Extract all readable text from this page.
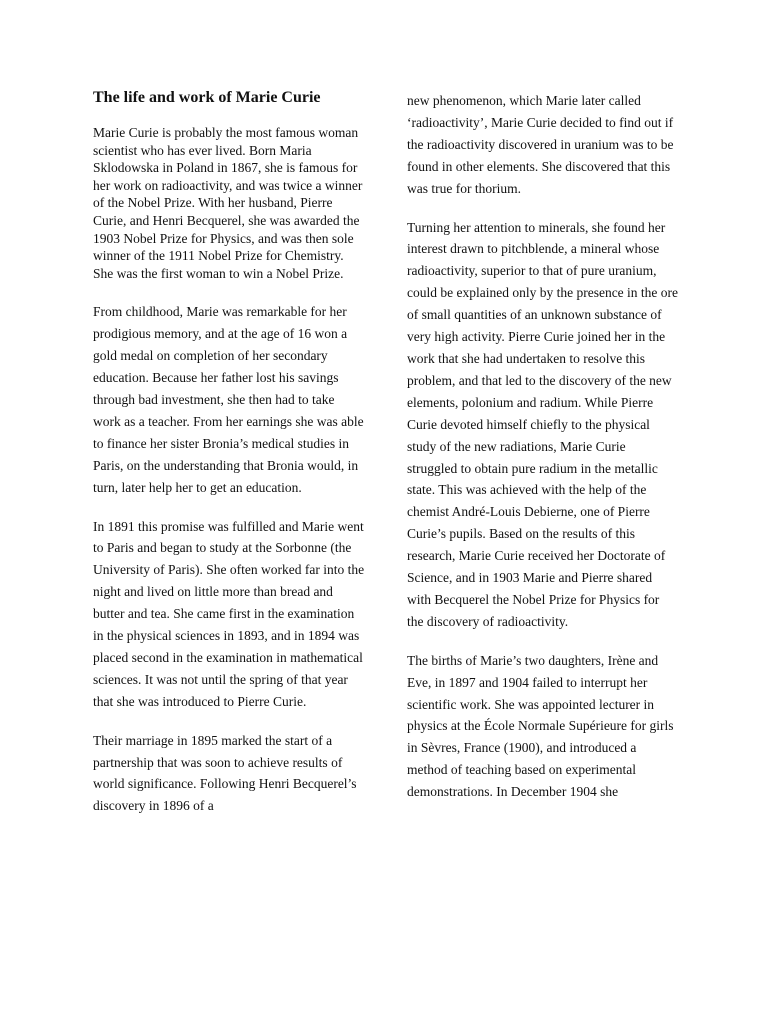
The life and work of Marie Curie

Marie Curie is probably the most famous woman scientist who has ever lived. Born Maria Sklodowska in Poland in 1867, she is famous for her work on radioactivity, and was twice a winner of the Nobel Prize. With her husband, Pierre Curie, and Henri Becquerel, she was awarded the 1903 Nobel Prize for Physics, and was then sole winner of the 1911 Nobel Prize for Chemistry. She was the first woman to win a Nobel Prize.

From childhood, Marie was remarkable for her prodigious memory, and at the age of 16 won a gold medal on completion of her secondary education. Because her father lost his savings through bad investment, she then had to take work as a teacher. From her earnings she was able to finance her sister Bronia’s medical studies in Paris, on the understanding that Bronia would, in turn, later help her to get an education.

In 1891 this promise was fulfilled and Marie went to Paris and began to study at the Sorbonne (the University of Paris). She often worked far into the night and lived on little more than bread and butter and tea. She came first in the examination in the physical sciences in 1893, and in 1894 was placed second in the examination in mathematical sciences. It was not until the spring of that year that she was introduced to Pierre Curie.

Their marriage in 1895 marked the start of a partnership that was soon to achieve results of world significance. Following Henri Becquerel’s discovery in 1896 of a

new phenomenon, which Marie later called ‘radioactivity’, Marie Curie decided to find out if the radioactivity discovered in uranium was to be found in other elements. She discovered that this was true for thorium.

Turning her attention to minerals, she found her interest drawn to pitchblende, a mineral whose radioactivity, superior to that of pure uranium, could be explained only by the presence in the ore of small quantities of an unknown substance of very high activity. Pierre Curie joined her in the work that she had undertaken to resolve this problem, and that led to the discovery of the new elements, polonium and radium. While Pierre Curie devoted himself chiefly to the physical study of the new radiations, Marie Curie struggled to obtain pure radium in the metallic state. This was achieved with the help of the chemist André-Louis Debierne, one of Pierre Curie’s pupils. Based on the results of this research, Marie Curie received her Doctorate of Science, and in 1903 Marie and Pierre shared with Becquerel the Nobel Prize for Physics for the discovery of radioactivity.

The births of Marie’s two daughters, Irène and Eve, in 1897 and 1904 failed to interrupt her scientific work. She was appointed lecturer in physics at the École Normale Supérieure for girls in Sèvres, France (1900), and introduced a method of teaching based on experimental demonstrations. In December 1904 she
